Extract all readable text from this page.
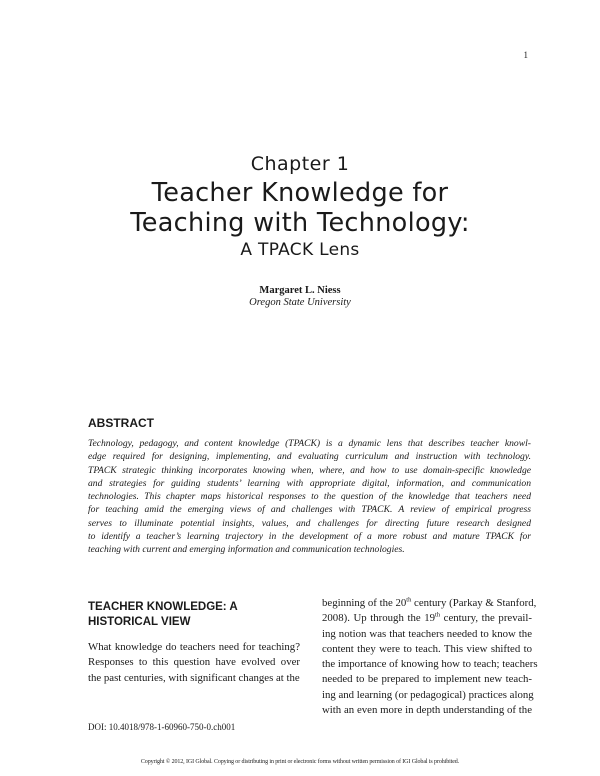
1
Chapter 1
Teacher Knowledge for
Teaching with Technology:
A TPACK Lens
Margaret L. Niess
Oregon State University
ABSTRACT
Technology, pedagogy, and content knowledge (TPACK) is a dynamic lens that describes teacher knowl-
edge required for designing, implementing, and evaluating curriculum and instruction with technology.
TPACK strategic thinking incorporates knowing when, where, and how to use domain-specific knowledge
and strategies for guiding students’ learning with appropriate digital, information, and communication
technologies. This chapter maps historical responses to the question of the knowledge that teachers need
for teaching amid the emerging views of and challenges with TPACK. A review of empirical progress
serves to illuminate potential insights, values, and challenges for directing future research designed
to identify a teacher’s learning trajectory in the development of a more robust and mature TPACK for
teaching with current and emerging information and communication technologies.
TEACHER KNOWLEDGE: A
HISTORICAL VIEW
What knowledge do teachers need for teaching?
Responses to this question have evolved over
the past centuries, with significant changes at the
beginning of the 20th century (Parkay & Stanford,
2008). Up through the 19th century, the prevail-
ing notion was that teachers needed to know the
content they were to teach. This view shifted to
the importance of knowing how to teach; teachers
needed to be prepared to implement new teach-
ing and learning (or pedagogical) practices along
with an even more in depth understanding of the
DOI: 10.4018/978-1-60960-750-0.ch001
Copyright © 2012, IGI Global. Copying or distributing in print or electronic forms without written permission of IGI Global is prohibited.
